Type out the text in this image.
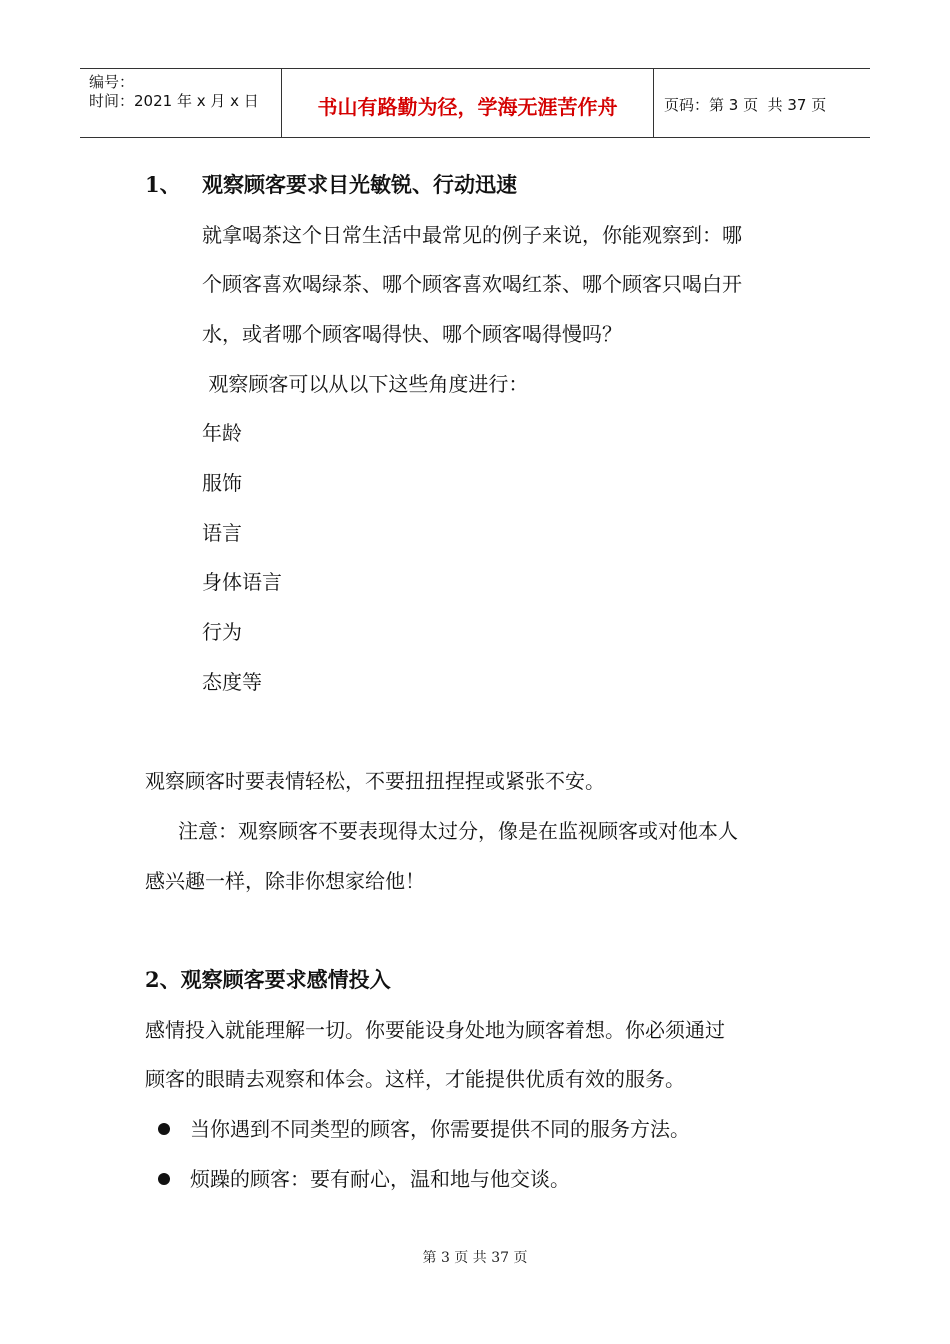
编号：
时间：2021 年 x 月 x 日	书山有路勤为径，学海无涯苦作舟	页码：第 3 页  共 37 页
1、 观察顾客要求目光敏锐、行动迅速
就拿喝茶这个日常生活中最常见的例子来说，你能观察到：哪
个顾客喜欢喝绿茶、哪个顾客喜欢喝红茶、哪个顾客只喝白开
水，或者哪个顾客喝得快、哪个顾客喝得慢吗？
观察顾客可以从以下这些角度进行：
年龄
服饰
语言
身体语言
行为
态度等
观察顾客时要表情轻松，不要扭扭捏捏或紧张不安。
注意：观察顾客不要表现得太过分，像是在监视顾客或对他本人
感兴趣一样，除非你想家给他！
2、观察顾客要求感情投入
感情投入就能理解一切。你要能设身处地为顾客着想。你必须通过
顾客的眼睛去观察和体会。这样，才能提供优质有效的服务。
当你遇到不同类型的顾客，你需要提供不同的服务方法。
烦躁的顾客：要有耐心，温和地与他交谈。
第 3 页 共 37 页
